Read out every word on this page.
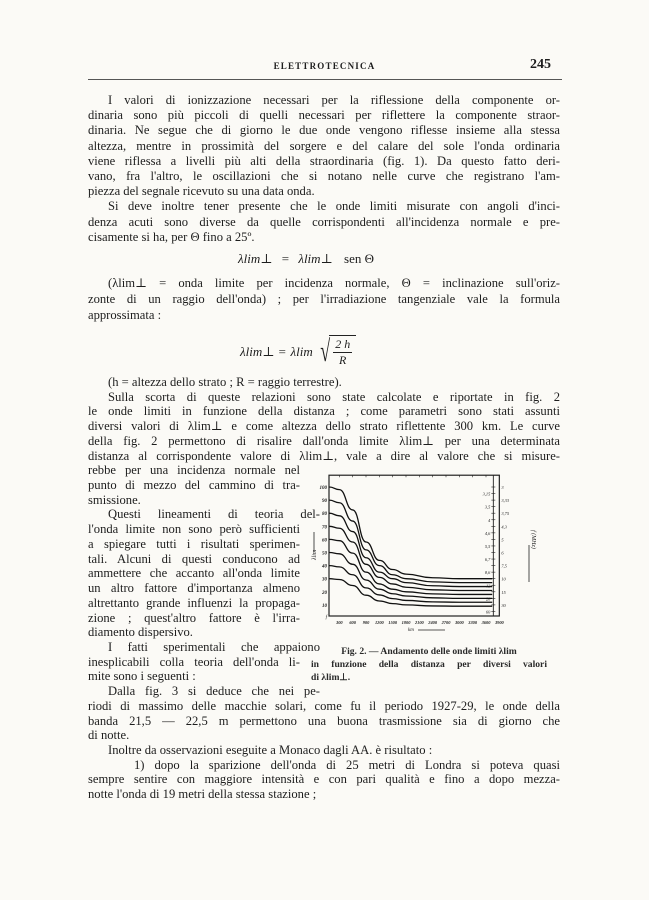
ELETTROTECNICA	245
I valori di ionizzazione necessari per la riflessione della componente or-
dinaria sono più piccoli di quelli necessari per riflettere la componente straor-
dinaria. Ne segue che di giorno le due onde vengono riflesse insieme alla stessa
altezza, mentre in prossimità del sorgere e del calare del sole l'onda ordinaria
viene riflessa a livelli più alti della straordinaria (fig. 1). Da questo fatto deri-
vano, fra l'altro, le oscillazioni che si notano nelle curve che registrano l'am-
piezza del segnale ricevuto su una data onda.
Si deve inoltre tener presente che le onde limiti misurate con angoli d'inci-
denza acuti sono diverse da quelle corrispondenti all'incidenza normale e pre-
cisamente si ha, per Θ fino a 25º.
λlim⊥ = λlim⊥ sen Θ
(λlim⊥ = onda limite per incidenza normale, Θ = inclinazione sull'oriz-
zonte di un raggio dell'onda) ; per l'irradiazione tangenziale vale la formula
approssimata :
λlim⊥ = λlim √ $\frac{2 h}{R}$
(h = altezza dello strato ; R = raggio terrestre).
Sulla scorta di queste relazioni sono state calcolate e riportate in fig. 2
le onde limiti in funzione della distanza ; come parametri sono stati assunti
diversi valori di λlim⊥ e come altezza dello strato riflettente 300 km. Le curve
della fig. 2 permettono di risalire dall'onda limite λlim⊥ per una determinata
distanza al corrispondente valore di λlim⊥, vale a dire al valore che si misure-
rebbe per una incidenza normale nel
punto di mezzo del cammino di tra-
smissione.
Questi lineamenti di teoria del-
l'onda limite non sono però sufficienti
a spiegare tutti i risultati sperimen-
tali. Alcuni di questi conducono ad
ammettere che accanto all'onda limite
un altro fattore d'importanza almeno
altrettanto grande influenzi la propaga-
zione ; quest'altro fattore è l'irra-
diamento dispersivo.
I fatti sperimentali che appaiono
inesplicabili colla teoria dell'onda li-
mite sono i seguenti :
Dalla fig. 3 si deduce che nei pe-
riodi di massimo delle macchie solari, come fu il periodo 1927-29, le onde della
banda 21,5 — 22,5 m permettono una buona trasmissione sia di giorno che
di notte.
Inoltre da osservazioni eseguite a Monaco dagli AA. è risultato :
1) dopo la sparizione dell'onda di 25 metri di Londra si poteva quasi
sempre sentire con maggiore intensità e con pari qualità e fino a dopo mezza-
notte l'onda di 19 metri della stessa stazione ;
10
20
30
40
50
60
70
80
90
100
f
300 600 900 1200 1500 1800 2100 2400 2700 3000 3300 3600 3900
3
3,15
3,33
3,5
3,75
4
4,3
4,6
5
5,5
6
6,7
7,5
8,6
10
12
15
20
30
60
λlim
f (MHz)
km
Fig. 2. — Andamento delle onde limiti λlim
in funzione della distanza per diversi valori
di λlim⊥.
